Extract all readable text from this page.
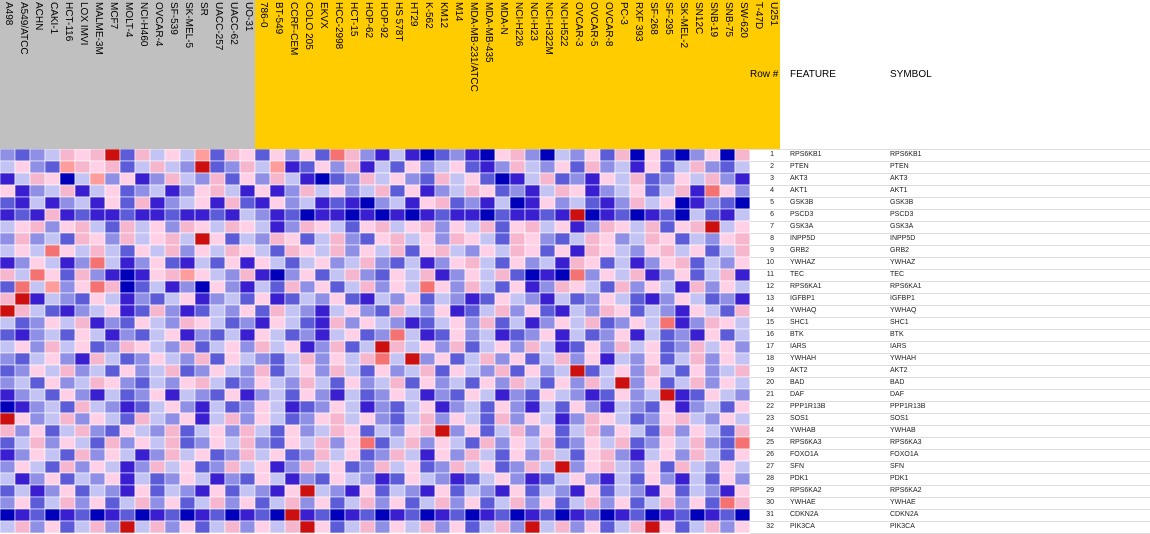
A498 A549/ATCC ACHN CAKI-1 HCT-116 LOX IMVI MALME-3M MCF7 MOLT-4 NCI-H460 OVCAR-4 SF-539 SK-MEL-5 SR UACC-257 UACC-62 UO-31 786-0 BT-549 CCRF-CEM COLO 205 EKVX HCC-2998 HCT-15 HOP-62 HOP-92 HS 578T HT29 K-562 KM12 M14 MDA-MB-231/ATCC MDA-MB-435 MDA-N NCI-H226 NCI-H23 NCI-H322M NCI-H522 OVCAR-3 OVCAR-5 OVCAR-8 PC-3 RXF 393 SF-268 SF-295 SK-MEL-2 SN12C SNB-19 SNB-75 SW-620 T-47D U251
Row # FEATURE	SYMBOL
1 RPS6KB1	RPS6KB1
2 PTEN	PTEN
3 AKT3	AKT3
4 AKT1	AKT1
5 GSK3B	GSK3B
6 PSCD3	PSCD3
7 GSK3A	GSK3A
8 INPP5D	INPP5D
9 GRB2	GRB2
10 YWHAZ	YWHAZ
11 TEC	TEC
12 RPS6KA1	RPS6KA1
13 IGFBP1	IGFBP1
14 YWHAQ	YWHAQ
15 SHC1	SHC1
16 BTK	BTK
17 IARS	IARS
18 YWHAH	YWHAH
19 AKT2	AKT2
20 BAD	BAD
21 DAF	DAF
22 PPP1R13B	PPP1R13B
23 SOS1	SOS1
24 YWHAB	YWHAB
25 RPS6KA3	RPS6KA3
26 FOXO1A	FOXO1A
27 SFN	SFN
28 PDK1	PDK1
29 RPS6KA2	RPS6KA2
30 YWHAE	YWHAE
31 CDKN2A	CDKN2A
32 PIK3CA	PIK3CA
